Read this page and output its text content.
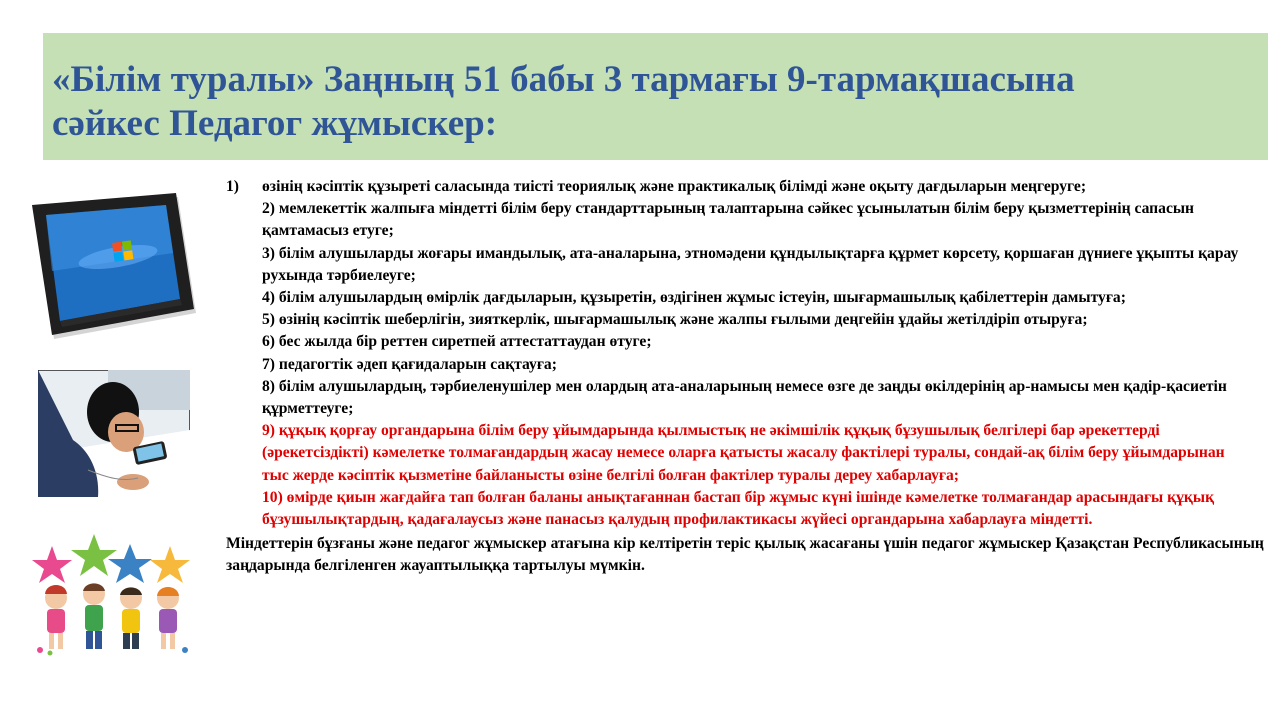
«Білім туралы» Заңның 51 бабы 3 тармағы 9-тармақшасына
сәйкес Педагог жұмыскер:
1) өзінің кәсіптік құзыреті саласында тиісті теориялық және практикалық білімді және оқыту дағдыларын меңгеруге;
2) мемлекеттік жалпыға міндетті білім беру стандарттарының талаптарына сәйкес ұсынылатын білім беру қызметтерінің сапасын қамтамасыз етуге;
3) білім алушыларды жоғары имандылық, ата-аналарына, этномәдени құндылықтарға құрмет көрсету, қоршаған дүниеге ұқыпты қарау рухында тәрбиелеуге;
4) білім алушылардың өмірлік дағдыларын, құзыретін, өздігінен жұмыс істеуін, шығармашылық қабілеттерін дамытуға;
5) өзінің кәсіптік шеберлігін, зияткерлік, шығармашылық және жалпы ғылыми деңгейін ұдайы жетілдіріп отыруға;
6) бес жылда бір реттен сиретпей аттестаттаудан өтуге;
7) педагогтік әдеп қағидаларын сақтауға;
8) білім алушылардың, тәрбиеленушілер мен олардың ата-аналарының немесе өзге де заңды өкілдерінің ар-намысы мен қадір-қасиетін құрметтеуге;
9) құқық қорғау органдарына білім беру ұйымдарында қылмыстық не әкімшілік құқық бұзушылық белгілері бар әрекеттерді (әрекетсіздікті) кәмелетке толмағандардың жасау немесе оларға қатысты жасалу фактілері туралы, сондай-ақ білім беру ұйымдарынан тыс жерде кәсіптік қызметіне байланысты өзіне белгілі болған фактілер туралы дереу хабарлауға;
10) өмірде қиын жағдайға тап болған баланы анықтағаннан бастап бір жұмыс күні ішінде кәмелетке толмағандар арасындағы құқық бұзушылықтардың, қадағалаусыз және панасыз қалудың профилактикасы жүйесі органдарына хабарлауға міндетті.
Міндеттерін бұзғаны және педагог жұмыскер атағына кір келтіретін теріс қылық жасағаны үшін педагог жұмыскер Қазақстан Республикасының заңдарында белгіленген жауаптылыққа тартылуы мүмкін.
